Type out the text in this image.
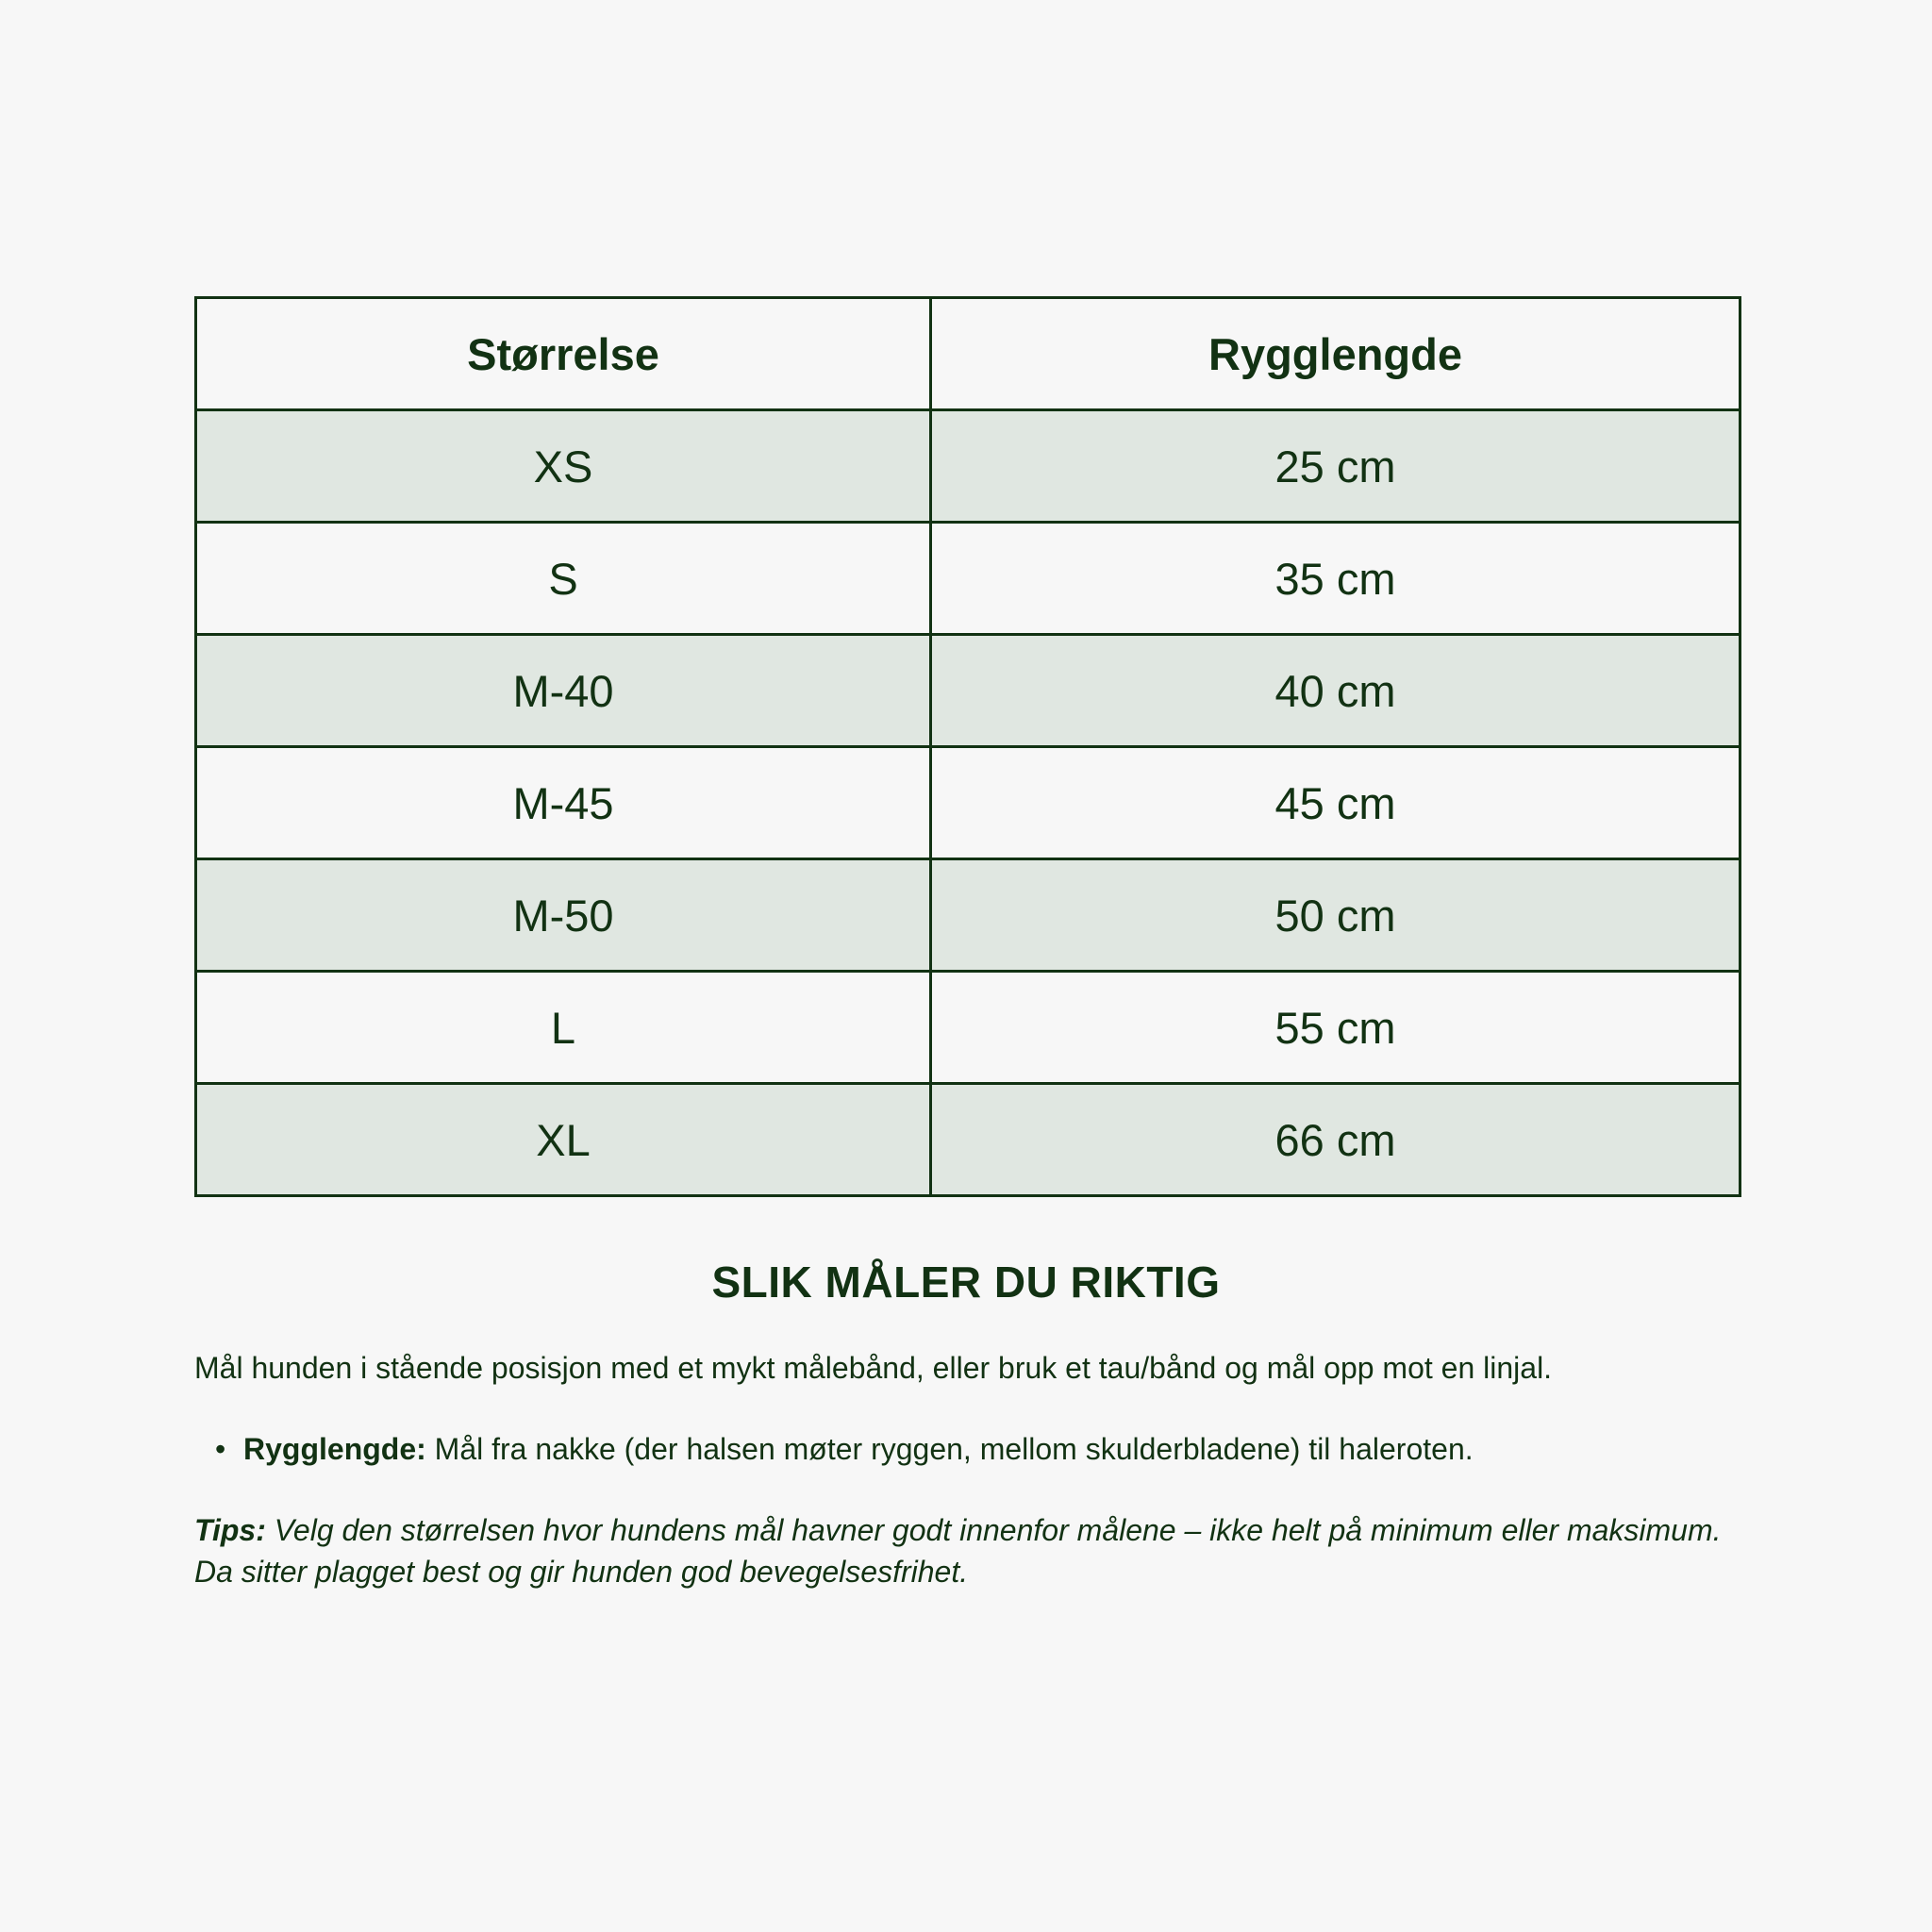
Størrelse	Rygglengde
XS	25 cm
S	35 cm
M-40	40 cm
M-45	45 cm
M-50	50 cm
L	55 cm
XL	66 cm
SLIK MÅLER DU RIKTIG

Mål hunden i stående posisjon med et mykt målebånd, eller bruk et tau/bånd og mål opp mot en linjal.

• Rygglengde: Mål fra nakke (der halsen møter ryggen, mellom skulderbladene) til haleroten.

Tips: Velg den størrelsen hvor hundens mål havner godt innenfor målene – ikke helt på minimum eller maksimum. Da sitter plagget best og gir hunden god bevegelsesfrihet.
